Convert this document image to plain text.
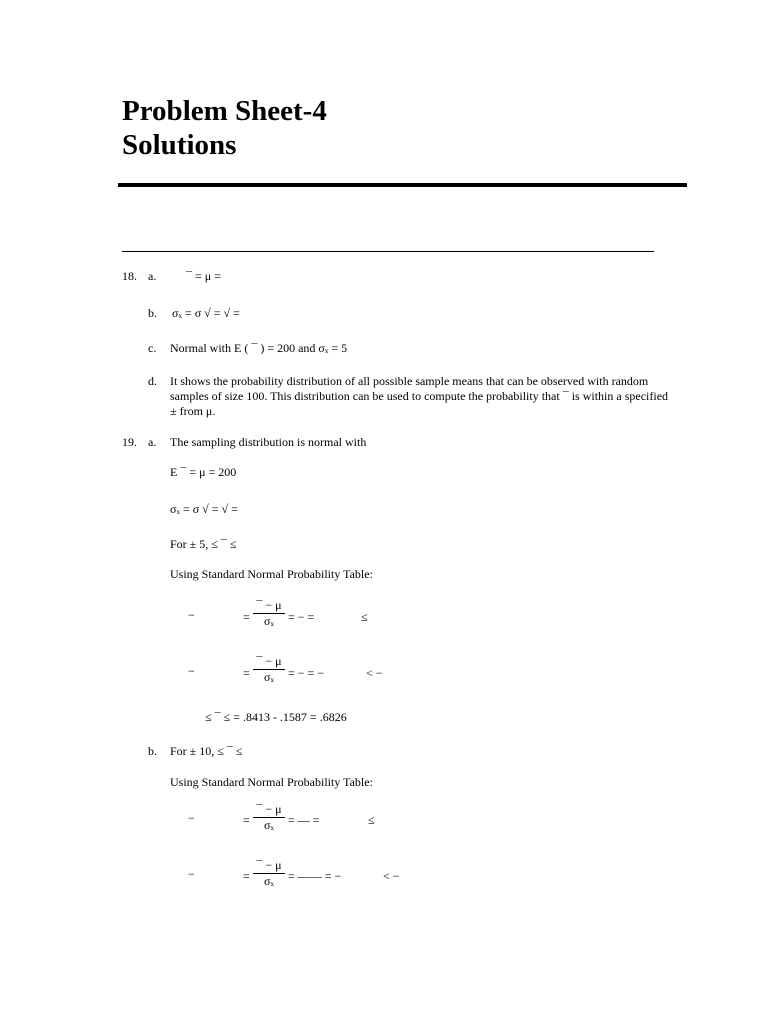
Problem Sheet-4
Solutions
18. a. ¯ = μ =
b. σₓ = σ √ = √ =
c. Normal with E ( ¯ ) = 200 and σₓ = 5
d. It shows the probability distribution of all possible sample means that can be observed with random samples of size 100. This distribution can be used to compute the probability that ¯ is within a specified ± from μ.
19. a. The sampling distribution is normal with
E ¯ = μ = 200
σₓ = σ √ = √ =
For ± 5, ≤ ¯ ≤
Using Standard Normal Probability Table:
−	= $\frac{¯ - \mu}{\text{σₓ}}$ = − =	≤
−	= $\frac{¯ - \mu}{\text{σₓ}}$ = − = −	< −
≤ ¯ ≤ = .8413 - .1587 = .6826
b. For ± 10, ≤ ¯ ≤
Using Standard Normal Probability Table:
−	= $\frac{¯ - \mu}{\text{σₓ}}$ = — =	≤
−	= $\frac{¯ - \mu}{\text{σₓ}}$ = —— = −	< −
